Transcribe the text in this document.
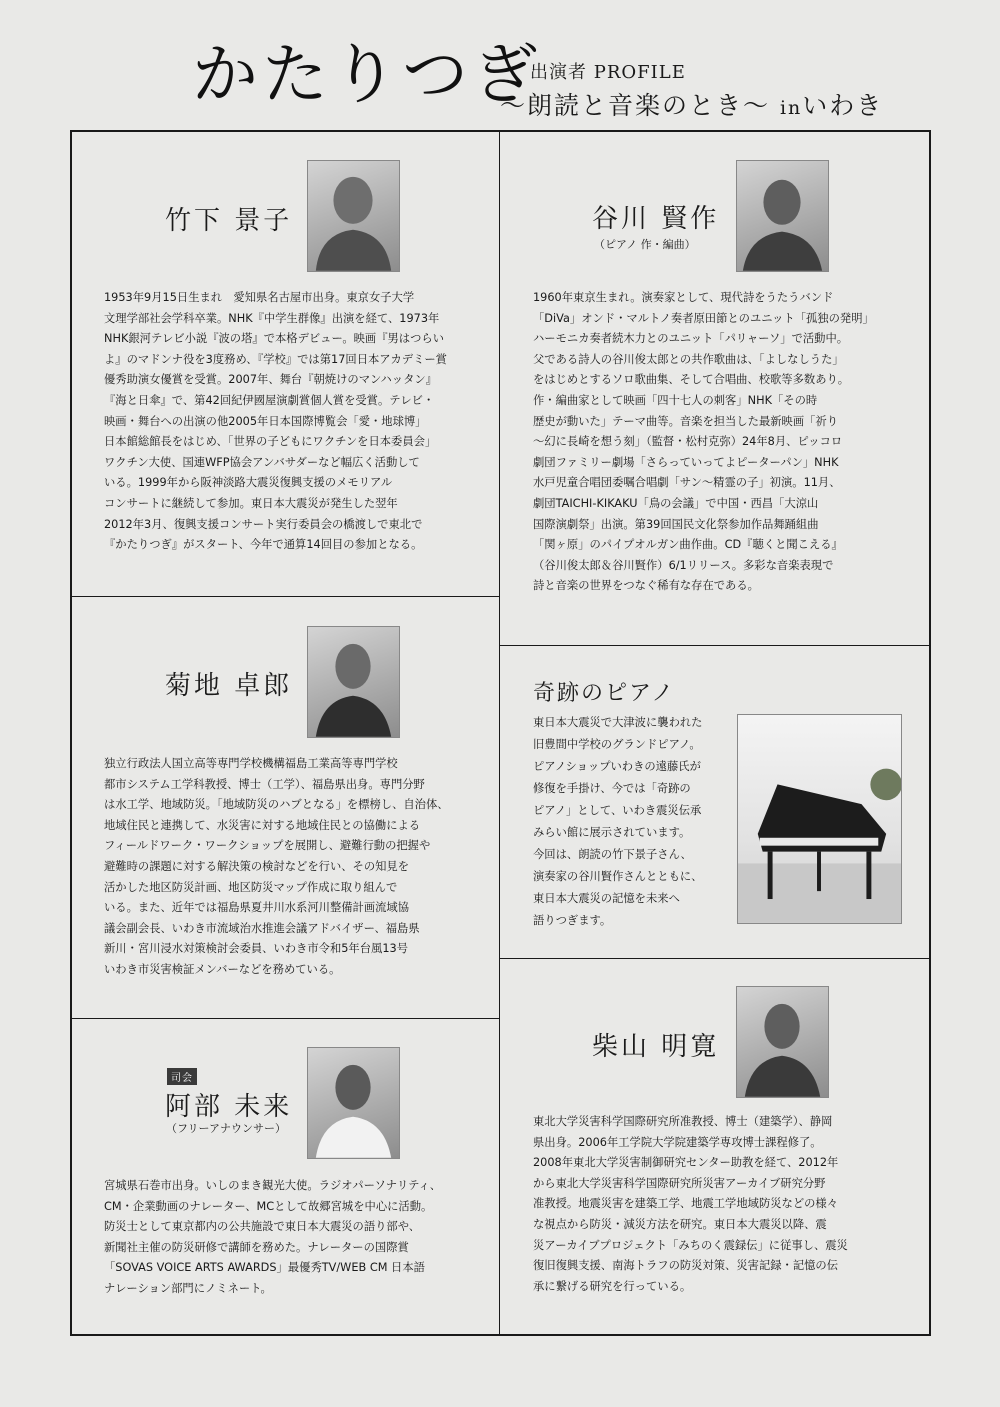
かたりつぎ
出演者 PROFILE
～朗読と音楽のとき～ inいわき
竹下 景子
1953年9月15日生まれ　愛知県名古屋市出身。東京女子大学
文理学部社会学科卒業。NHK『中学生群像』出演を経て、1973年
NHK銀河テレビ小説『波の塔』で本格デビュー。映画『男はつらい
よ』のマドンナ役を3度務め、『学校』では第17回日本アカデミー賞
優秀助演女優賞を受賞。2007年、舞台『朝焼けのマンハッタン』
『海と日傘』で、第42回紀伊國屋演劇賞個人賞を受賞。テレビ・
映画・舞台への出演の他2005年日本国際博覧会「愛・地球博」
日本館総館長をはじめ、「世界の子どもにワクチンを日本委員会」
ワクチン大使、国連WFP協会アンバサダーなど幅広く活動して
いる。1999年から阪神淡路大震災復興支援のメモリアル
コンサートに継続して参加。東日本大震災が発生した翌年
2012年3月、復興支援コンサート実行委員会の橋渡しで東北で
『かたりつぎ』がスタート、今年で通算14回目の参加となる。
谷川 賢作
（ピアノ 作・編曲）
1960年東京生まれ。演奏家として、現代詩をうたうバンド
「DiVa」オンド・マルトノ奏者原田節とのユニット「孤独の発明」
ハーモニカ奏者続木力とのユニット「パリャーソ」で活動中。
父である詩人の谷川俊太郎との共作歌曲は、「よしなしうた」
をはじめとするソロ歌曲集、そして合唱曲、校歌等多数あり。
作・編曲家として映画「四十七人の刺客」NHK「その時
歴史が動いた」テーマ曲等。音楽を担当した最新映画「祈り
～幻に長崎を想う刻」（監督・松村克弥）24年8月、ピッコロ
劇団ファミリー劇場「さらっていってよピーターパン」NHK
水戸児童合唱団委嘱合唱劇「サン～精霊の子」初演。11月、
劇団TAICHI-KIKAKU「鳥の会議」で中国・西昌「大涼山
国際演劇祭」出演。第39回国民文化祭参加作品舞踊組曲
「関ヶ原」のパイプオルガン曲作曲。CD『聴くと聞こえる』
（谷川俊太郎＆谷川賢作）6/1リリース。多彩な音楽表現で
詩と音楽の世界をつなぐ稀有な存在である。
菊地 卓郎
独立行政法人国立高等専門学校機構福島工業高等専門学校
都市システム工学科教授、博士（工学）、福島県出身。専門分野
は水工学、地域防災。「地域防災のハブとなる」を標榜し、自治体、
地域住民と連携して、水災害に対する地域住民との協働による
フィールドワーク・ワークショップを展開し、避難行動の把握や
避難時の課題に対する解決策の検討などを行い、その知見を
活かした地区防災計画、地区防災マップ作成に取り組んで
いる。また、近年では福島県夏井川水系河川整備計画流域協
議会副会長、いわき市流域治水推進会議アドバイザー、福島県
新川・宮川浸水対策検討会委員、いわき市令和5年台風13号
いわき市災害検証メンバーなどを務めている。
司会
阿部 未来
（フリーアナウンサー）
宮城県石巻市出身。いしのまき観光大使。ラジオパーソナリティ、
CM・企業動画のナレーター、MCとして故郷宮城を中心に活動。
防災士として東京都内の公共施設で東日本大震災の語り部や、
新聞社主催の防災研修で講師を務めた。ナレーターの国際賞
「SOVAS VOICE ARTS AWARDS」最優秀TV/WEB CM 日本語
ナレーション部門にノミネート。
奇跡のピアノ
東日本大震災で大津波に襲われた
旧豊間中学校のグランドピアノ。
ピアノショップいわきの遠藤氏が
修復を手掛け、今では「奇跡の
ピアノ」として、いわき震災伝承
みらい館に展示されています。
今回は、朗読の竹下景子さん、
演奏家の谷川賢作さんとともに、
東日本大震災の記憶を未来へ
語りつぎます。
柴山 明寛
東北大学災害科学国際研究所准教授、博士（建築学）、静岡
県出身。2006年工学院大学院建築学専攻博士課程修了。
2008年東北大学災害制御研究センター助教を経て、2012年
から東北大学災害科学国際研究所災害アーカイブ研究分野
准教授。地震災害を建築工学、地震工学地域防災などの様々
な視点から防災・減災方法を研究。東日本大震災以降、震
災アーカイブプロジェクト「みちのく震録伝」に従事し、震災
復旧復興支援、南海トラフの防災対策、災害記録・記憶の伝
承に繋げる研究を行っている。
